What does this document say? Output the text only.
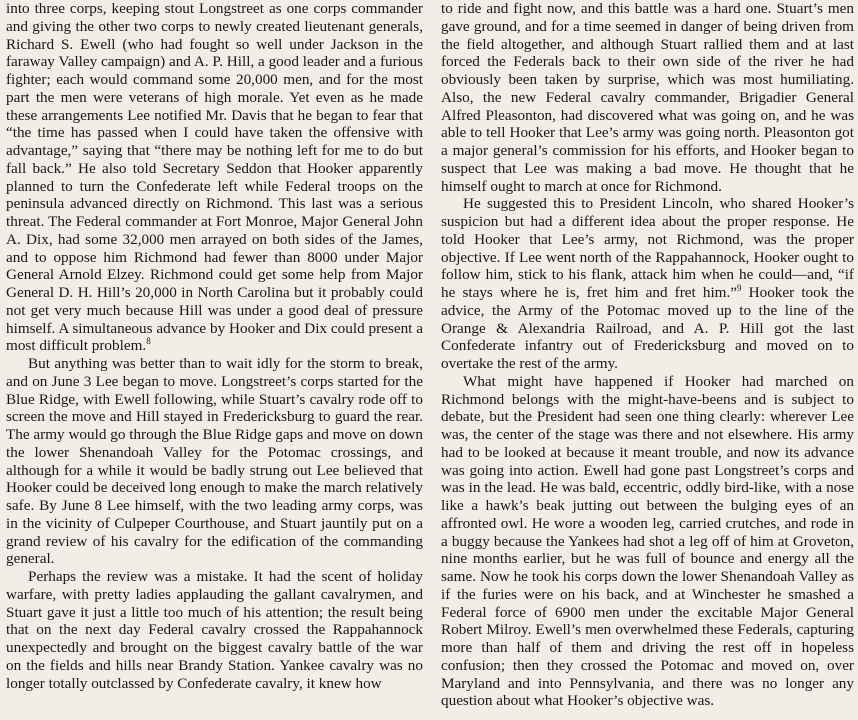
into three corps, keeping stout Longstreet as one corps commander and giving the other two corps to newly created lieutenant generals, Richard S. Ewell (who had fought so well under Jackson in the faraway Valley campaign) and A. P. Hill, a good leader and a furious fighter; each would command some 20,000 men, and for the most part the men were veterans of high morale. Yet even as he made these arrangements Lee notified Mr. Davis that he began to fear that “the time has passed when I could have taken the offensive with advantage,” saying that “there may be nothing left for me to do but fall back.” He also told Secretary Seddon that Hooker apparently planned to turn the Confederate left while Federal troops on the peninsula advanced directly on Richmond. This last was a serious threat. The Federal commander at Fort Monroe, Major General John A. Dix, had some 32,000 men arrayed on both sides of the James, and to oppose him Richmond had fewer than 8000 under Major General Arnold Elzey. Richmond could get some help from Major General D. H. Hill’s 20,000 in North Carolina but it probably could not get very much because Hill was under a good deal of pressure himself. A simultaneous advance by Hooker and Dix could present a most difficult problem.$^8$

But anything was better than to wait idly for the storm to break, and on June 3 Lee began to move. Longstreet’s corps started for the Blue Ridge, with Ewell following, while Stuart’s cavalry rode off to screen the move and Hill stayed in Fredericksburg to guard the rear. The army would go through the Blue Ridge gaps and move on down the lower Shenandoah Valley for the Potomac crossings, and although for a while it would be badly strung out Lee believed that Hooker could be deceived long enough to make the march relatively safe. By June 8 Lee himself, with the two leading army corps, was in the vicinity of Culpeper Courthouse, and Stuart jauntily put on a grand review of his cavalry for the edification of the commanding general.

Perhaps the review was a mistake. It had the scent of holiday warfare, with pretty ladies applauding the gallant cavalrymen, and Stuart gave it just a little too much of his attention; the result being that on the next day Federal cavalry crossed the Rappahannock unexpectedly and brought on the biggest cavalry battle of the war on the fields and hills near Brandy Station. Yankee cavalry was no longer totally outclassed by Confederate cavalry, it knew how

to ride and fight now, and this battle was a hard one. Stuart’s men gave ground, and for a time seemed in danger of being driven from the field altogether, and although Stuart rallied them and at last forced the Federals back to their own side of the river he had obviously been taken by surprise, which was most humiliating. Also, the new Federal cavalry commander, Brigadier General Alfred Pleasonton, had discovered what was going on, and he was able to tell Hooker that Lee’s army was going north. Pleasonton got a major general’s commission for his efforts, and Hooker began to suspect that Lee was making a bad move. He thought that he himself ought to march at once for Richmond.

He suggested this to President Lincoln, who shared Hooker’s suspicion but had a different idea about the proper response. He told Hooker that Lee’s army, not Richmond, was the proper objective. If Lee went north of the Rappahannock, Hooker ought to follow him, stick to his flank, attack him when he could—and, “if he stays where he is, fret him and fret him.”$^9$ Hooker took the advice, the Army of the Potomac moved up to the line of the Orange & Alexandria Railroad, and A. P. Hill got the last Confederate infantry out of Fredericksburg and moved on to overtake the rest of the army.

What might have happened if Hooker had marched on Richmond belongs with the might-have-beens and is subject to debate, but the President had seen one thing clearly: wherever Lee was, the center of the stage was there and not elsewhere. His army had to be looked at because it meant trouble, and now its advance was going into action. Ewell had gone past Longstreet’s corps and was in the lead. He was bald, eccentric, oddly bird-like, with a nose like a hawk’s beak jutting out between the bulging eyes of an affronted owl. He wore a wooden leg, carried crutches, and rode in a buggy because the Yankees had shot a leg off of him at Groveton, nine months earlier, but he was full of bounce and energy all the same. Now he took his corps down the lower Shenandoah Valley as if the furies were on his back, and at Winchester he smashed a Federal force of 6900 men under the excitable Major General Robert Milroy. Ewell’s men overwhelmed these Federals, capturing more than half of them and driving the rest off in hopeless confusion; then they crossed the Potomac and moved on, over Maryland and into Pennsylvania, and there was no longer any question about what Hooker’s objective was.
